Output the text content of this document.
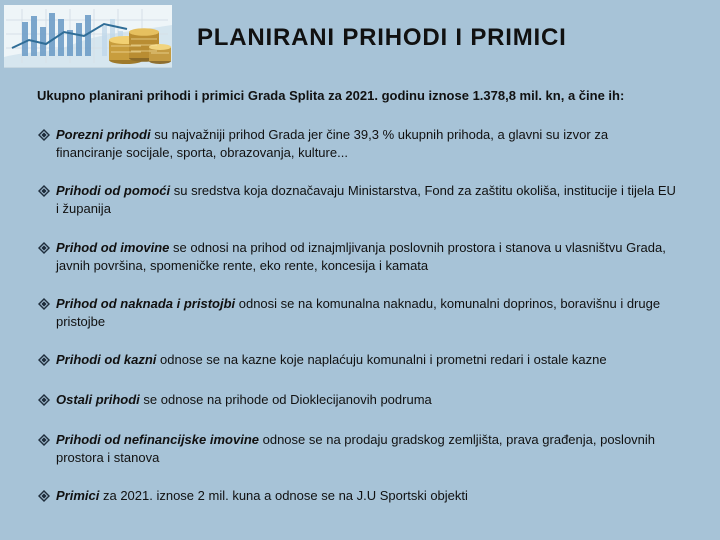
PLANIRANI PRIHODI I PRIMICI

Ukupno planirani prihodi i primici Grada Splita za 2021. godinu iznose 1.378,8 mil. kn, a čine ih:

Porezni prihodi su najvažniji prihod Grada jer čine 39,3 % ukupnih prihoda, a glavni su izvor za financiranje socijale, sporta, obrazovanja, kulture...
Prihodi od pomoći su sredstva koja doznačavaju Ministarstva, Fond za zaštitu okoliša, institucije i tijela EU i županija
Prihod od imovine se odnosi na prihod od iznajmljivanja poslovnih prostora i stanova u vlasništvu Grada, javnih površina, spomeničke rente, eko rente, koncesija i kamata
Prihod od naknada i pristojbi odnosi se na komunalna naknadu, komunalni doprinos, boravišnu i druge pristojbe
Prihodi od kazni odnose se na kazne koje naplaćuju komunalni i prometni redari i ostale kazne
Ostali prihodi se odnose na prihode od Dioklecijanovih podruma
Prihodi od nefinancijske imovine odnose se na prodaju gradskog zemljišta, prava građenja, poslovnih prostora i stanova
Primici za 2021. iznose 2 mil. kuna a odnose se na J.U Sportski objekti
